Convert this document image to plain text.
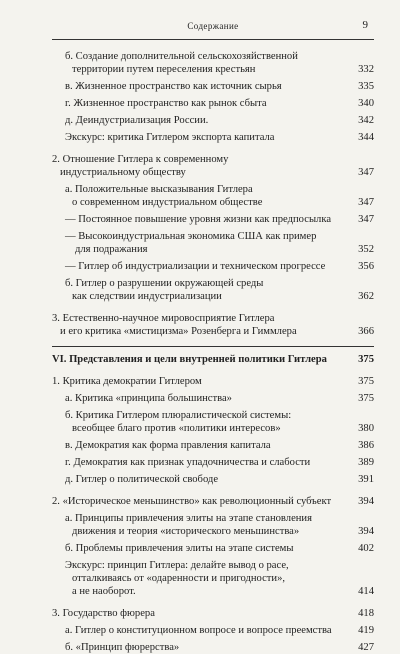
Содержание	9
б. Создание дополнительной сельскохозяйственной
территории путем переселения крестьян	332
в. Жизненное пространство как источник сырья	335
г. Жизненное пространство как рынок сбыта	340
д. Деиндустриализация России.	342
Экскурс: критика Гитлером экспорта капитала	344
2. Отношение Гитлера к современному
индустриальному обществу	347
а. Положительные высказывания Гитлера
о современном индустриальном обществе	347
— Постоянное повышение уровня жизни как предпосылка	347
— Высокоиндустриальная экономика США как пример
для подражания	352
— Гитлер об индустриализации и техническом прогрессе	356
б. Гитлер о разрушении окружающей среды
как следствии индустриализации	362
3. Естественно-научное мировосприятие Гитлера
и его критика «мистицизма» Розенберга и Гиммлера	366
VI. Представления и цели внутренней политики Гитлера	375
1. Критика демократии Гитлером	375
а. Критика «принципа большинства»	375
б. Критика Гитлером плюралистической системы:
всеобщее благо против «политики интересов»	380
в. Демократия как форма правления капитала	386
г. Демократия как признак упадочничества и слабости	389
д. Гитлер о политической свободе	391
2. «Историческое меньшинство» как революционный субъект	394
а. Принципы привлечения элиты на этапе становления
движения и теория «исторического меньшинства»	394
б. Проблемы привлечения элиты на этапе системы	402
Экскурс: принцип Гитлера: делайте вывод о расе,
отталкиваясь от «одаренности и пригодности»,
а не наоборот.	414
3. Государство фюрера	418
а. Гитлер о конституционном вопросе и вопросе преемства	419
б. «Принцип фюрерства»	427
